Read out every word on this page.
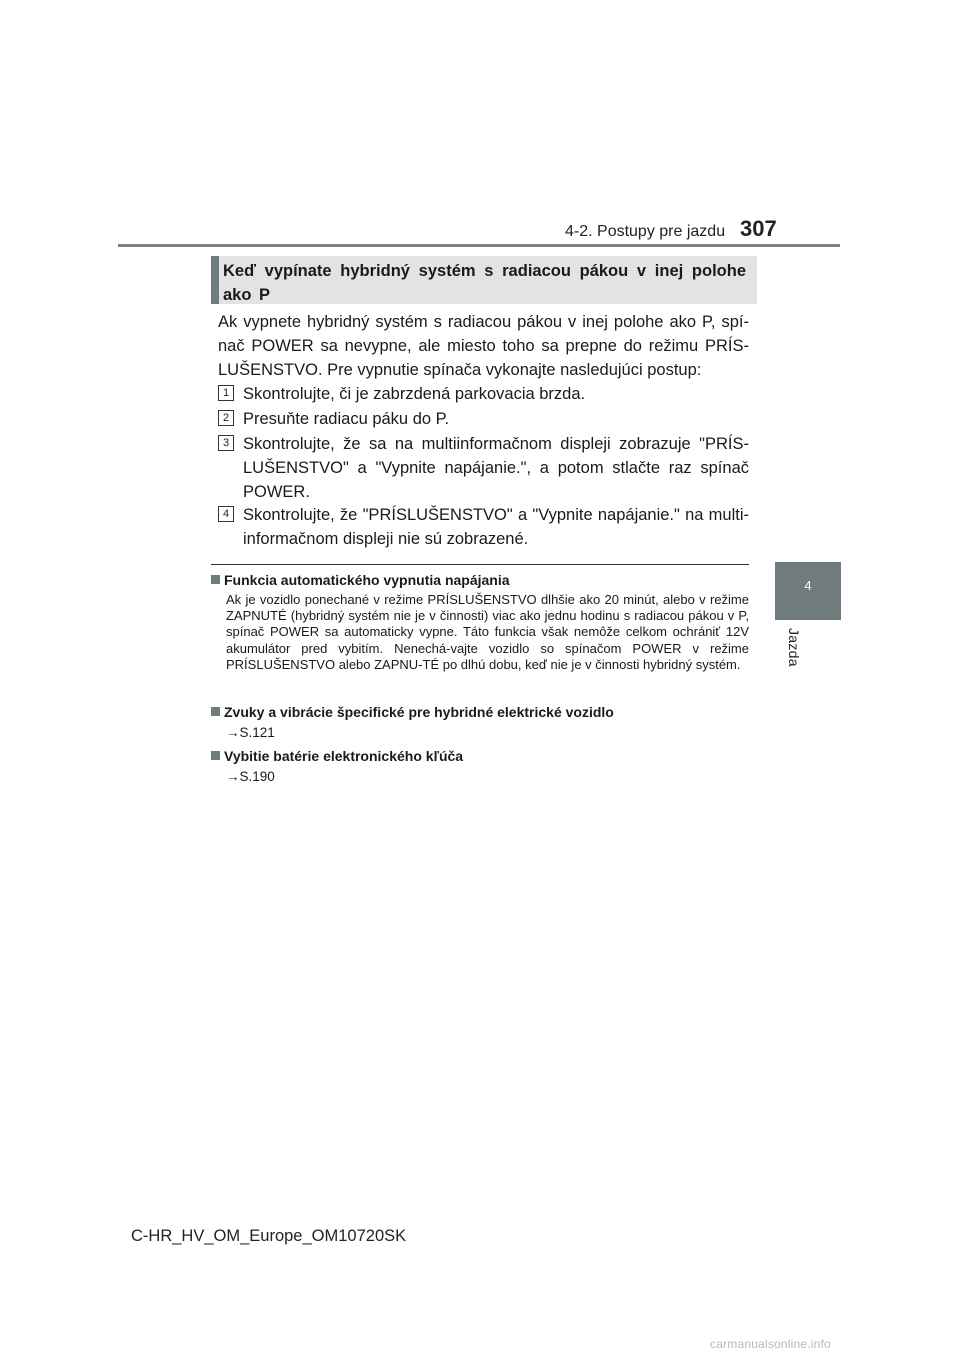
4-2. Postupy pre jazdu 307
4
Jazda
Keď vypínate hybridný systém s radiacou pákou v inej polohe ako P
Ak vypnete hybridný systém s radiacou pákou v inej polohe ako P, spí-nač POWER sa nevypne, ale miesto toho sa prepne do režimu PRÍS-LUŠENSTVO. Pre vypnutie spínača vykonajte nasledujúci postup:
1 Skontrolujte, či je zabrzdená parkovacia brzda.
2 Presuňte radiacu páku do P.
3 Skontrolujte, že sa na multiinformačnom displeji zobrazuje "PRÍS-LUŠENSTVO" a "Vypnite napájanie.", a potom stlačte raz spínač POWER.
4 Skontrolujte, že "PRÍSLUŠENSTVO" a "Vypnite napájanie." na multi-informačnom displeji nie sú zobrazené.
Funkcia automatického vypnutia napájania
Ak je vozidlo ponechané v režime PRÍSLUŠENSTVO dlhšie ako 20 minút, alebo v režime ZAPNUTÉ (hybridný systém nie je v činnosti) viac ako jednu hodinu s radiacou pákou v P, spínač POWER sa automaticky vypne. Táto funkcia však nemôže celkom ochrániť 12V akumulátor pred vybitím. Nenechá-vajte vozidlo so spínačom POWER v režime PRÍSLUŠENSTVO alebo ZAPNU-TÉ po dlhú dobu, keď nie je v činnosti hybridný systém.
Zvuky a vibrácie špecifické pre hybridné elektrické vozidlo
→S.121
Vybitie batérie elektronického kľúča
→S.190
C-HR_HV_OM_Europe_OM10720SK
carmanualsonline.info
